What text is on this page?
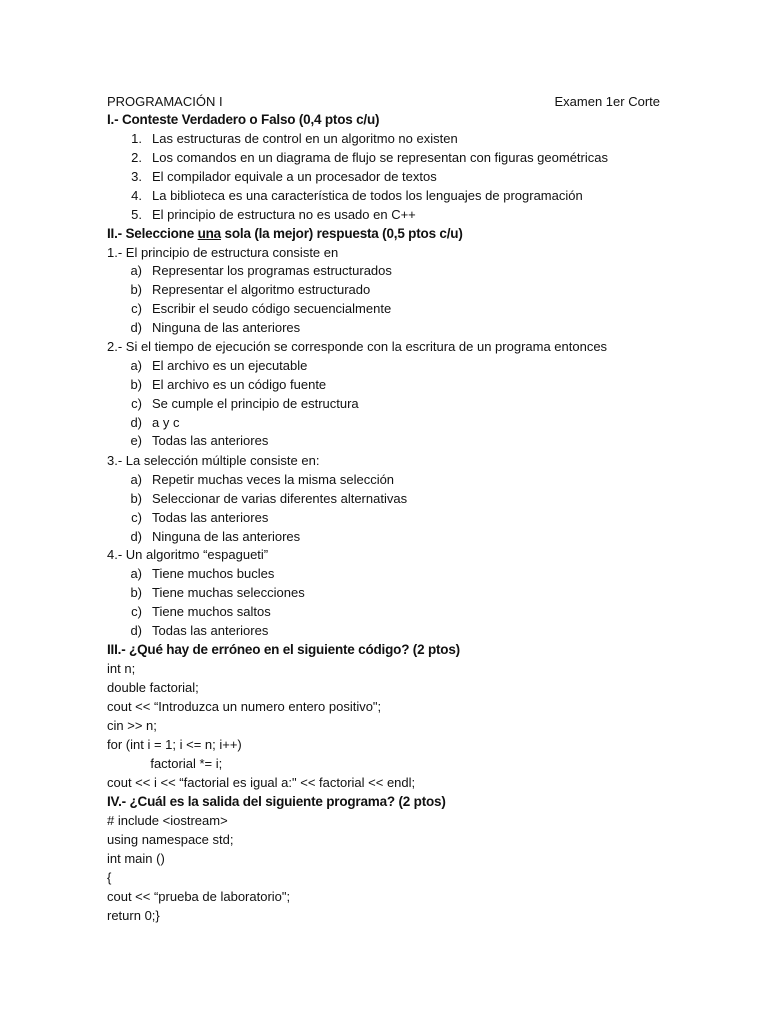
PROGRAMACIÓN I	Examen 1er Corte
I.- Conteste Verdadero o Falso (0,4 ptos c/u)
1. Las estructuras de control en un algoritmo no existen
2. Los comandos en un diagrama de flujo se representan con figuras geométricas
3. El compilador equivale a un procesador de textos
4. La biblioteca es una característica de todos los lenguajes de programación
5. El principio de estructura no es usado en C++
II.- Seleccione una sola (la mejor) respuesta (0,5 ptos c/u)
1.- El principio de estructura consiste en
a) Representar los programas estructurados
b) Representar el algoritmo estructurado
c) Escribir el seudo código secuencialmente
d) Ninguna de las anteriores
2.- Si el tiempo de ejecución se corresponde con la escritura de un programa entonces
a) El archivo es un ejecutable
b) El archivo es un código fuente
c) Se cumple el principio de estructura
d) a y c
e) Todas las anteriores
3.- La selección múltiple consiste en:
a) Repetir muchas veces la misma selección
b) Seleccionar de varias diferentes alternativas
c) Todas las anteriores
d) Ninguna de las anteriores
4.- Un algoritmo “espagueti”
a) Tiene muchos bucles
b) Tiene muchas selecciones
c) Tiene muchos saltos
d) Todas las anteriores
III.- ¿Qué hay de erróneo en el siguiente código? (2 ptos)
int n;
double factorial;
cout << “Introduzca un numero entero positivo";
cin >> n;
for (int i = 1; i <= n; i++)
factorial *= i;
cout << i << “factorial es igual a:" << factorial << endl;
IV.- ¿Cuál es la salida del siguiente programa? (2 ptos)
# include <iostream>
using namespace std;
int main ()
{
cout << “prueba de laboratorio";
return 0;}
